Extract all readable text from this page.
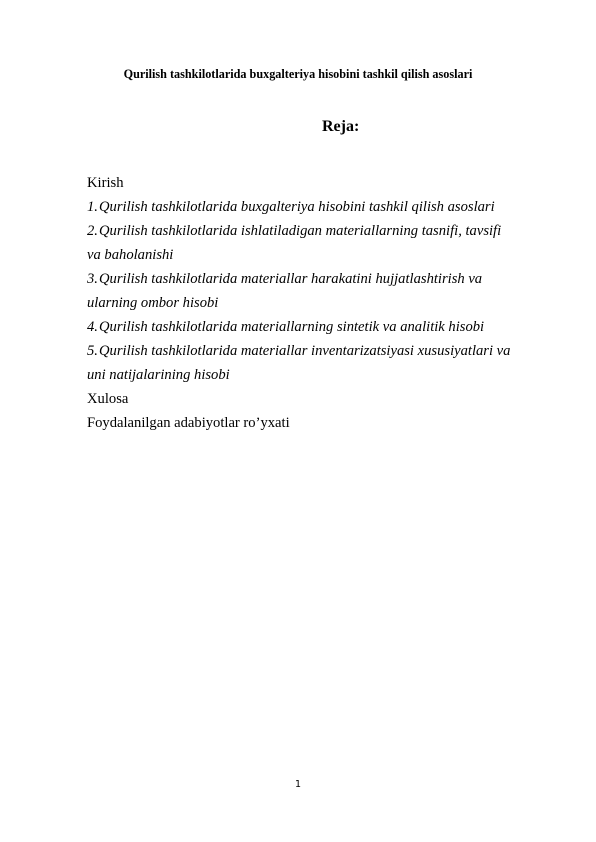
Qurilish tashkilotlarida buxgalteriya hisobini tashkil qilish asoslari
Reja:
Kirish
1.Qurilish tashkilotlarida buxgalteriya hisobini tashkil qilish asoslari
2.Qurilish tashkilotlarida ishlatiladigan materiallarning tasnifi, tavsifi
va baholanishi
3.Qurilish tashkilotlarida materiallar harakatini hujjatlashtirish va
ularning ombor hisobi
4.Qurilish tashkilotlarida materiallarning sintetik va analitik hisobi
5.Qurilish tashkilotlarida materiallar inventarizatsiyasi xususiyatlari va
uni natijalarining hisobi
Xulosa
Foydalanilgan adabiyotlar ro’yxati
1
